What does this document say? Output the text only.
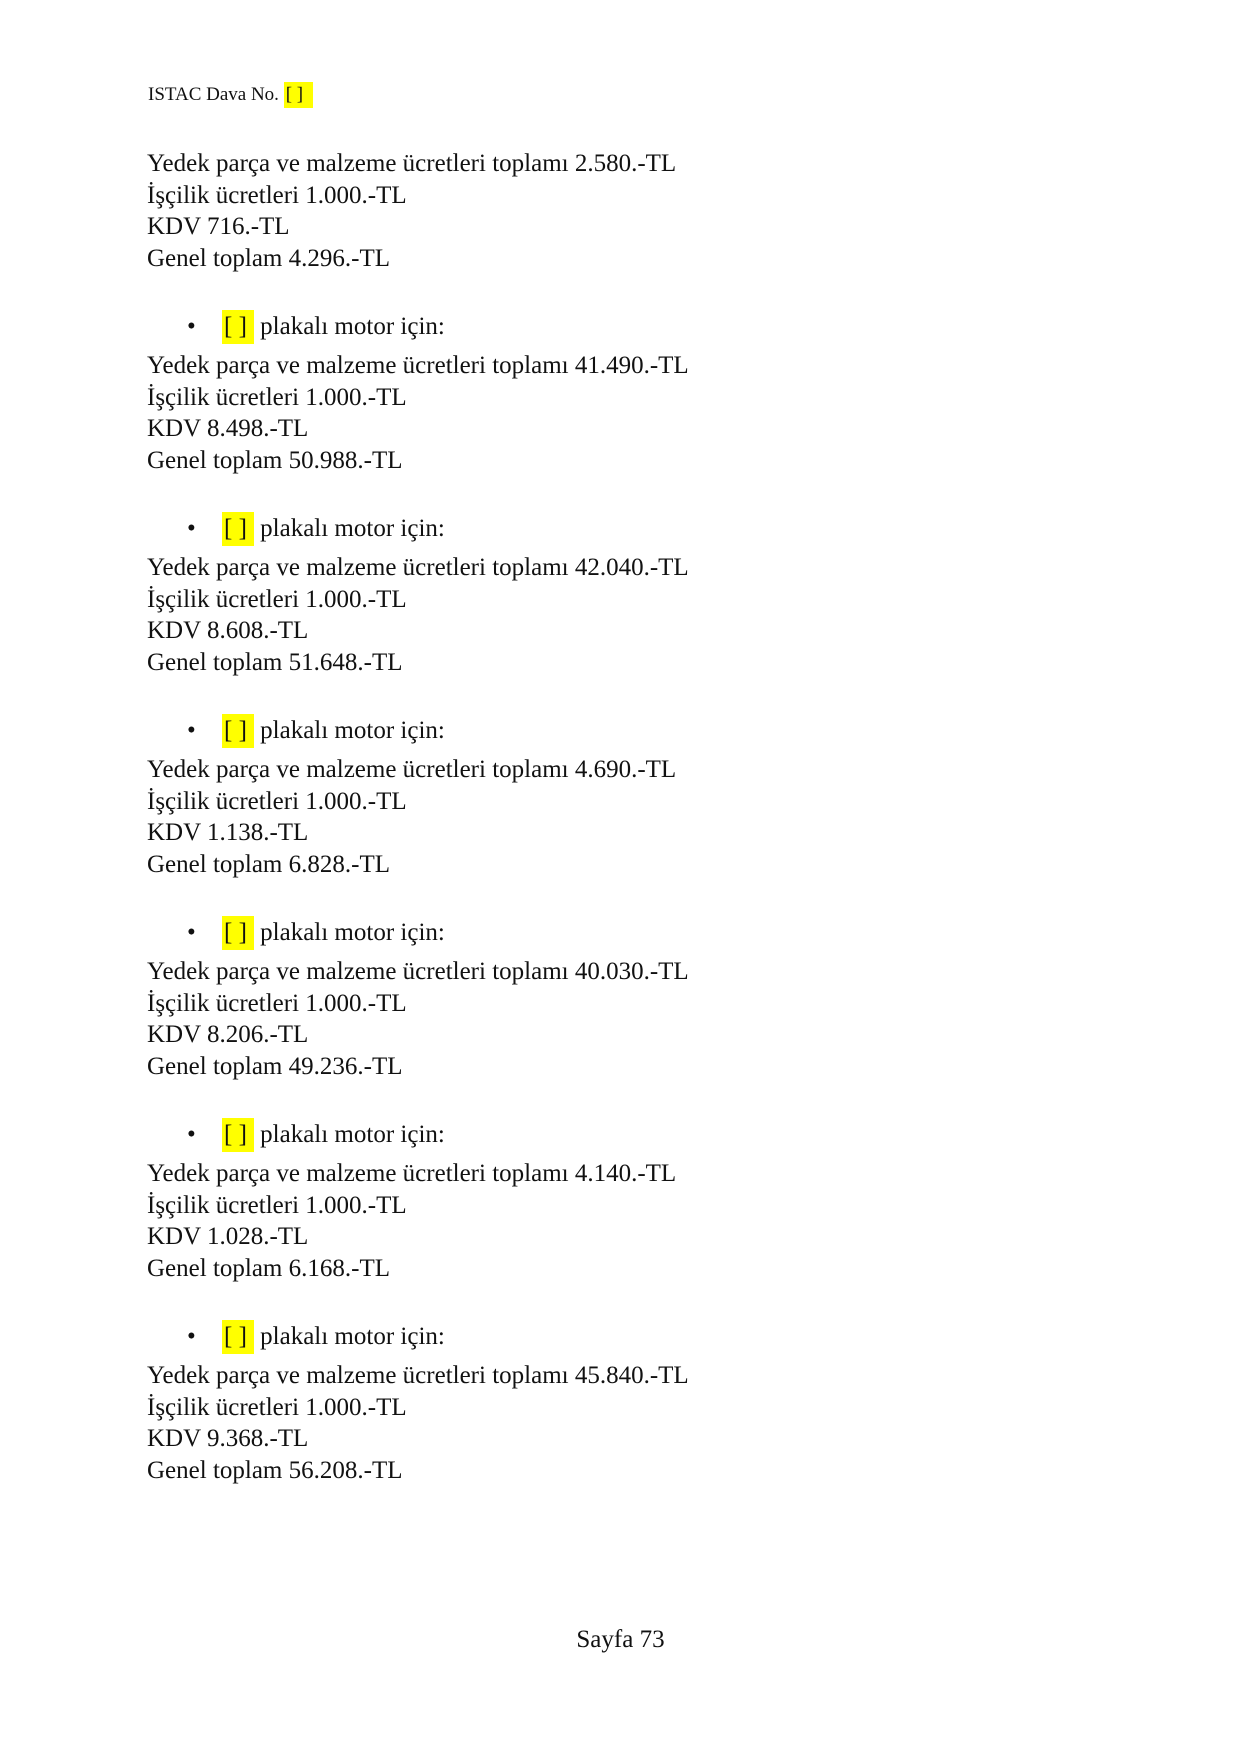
ISTAC Dava No. [ ]
Yedek parça ve malzeme ücretleri toplamı 2.580.-TL
İşçilik ücretleri 1.000.-TL
KDV 716.-TL
Genel toplam 4.296.-TL
• [ ] plakalı motor için:
Yedek parça ve malzeme ücretleri toplamı 41.490.-TL
İşçilik ücretleri 1.000.-TL
KDV 8.498.-TL
Genel toplam 50.988.-TL
• [ ] plakalı motor için:
Yedek parça ve malzeme ücretleri toplamı 42.040.-TL
İşçilik ücretleri 1.000.-TL
KDV 8.608.-TL
Genel toplam 51.648.-TL
• [ ] plakalı motor için:
Yedek parça ve malzeme ücretleri toplamı 4.690.-TL
İşçilik ücretleri 1.000.-TL
KDV 1.138.-TL
Genel toplam 6.828.-TL
• [ ] plakalı motor için:
Yedek parça ve malzeme ücretleri toplamı 40.030.-TL
İşçilik ücretleri 1.000.-TL
KDV 8.206.-TL
Genel toplam 49.236.-TL
• [ ] plakalı motor için:
Yedek parça ve malzeme ücretleri toplamı 4.140.-TL
İşçilik ücretleri 1.000.-TL
KDV 1.028.-TL
Genel toplam 6.168.-TL
• [ ] plakalı motor için:
Yedek parça ve malzeme ücretleri toplamı 45.840.-TL
İşçilik ücretleri 1.000.-TL
KDV 9.368.-TL
Genel toplam 56.208.-TL
Sayfa 73
